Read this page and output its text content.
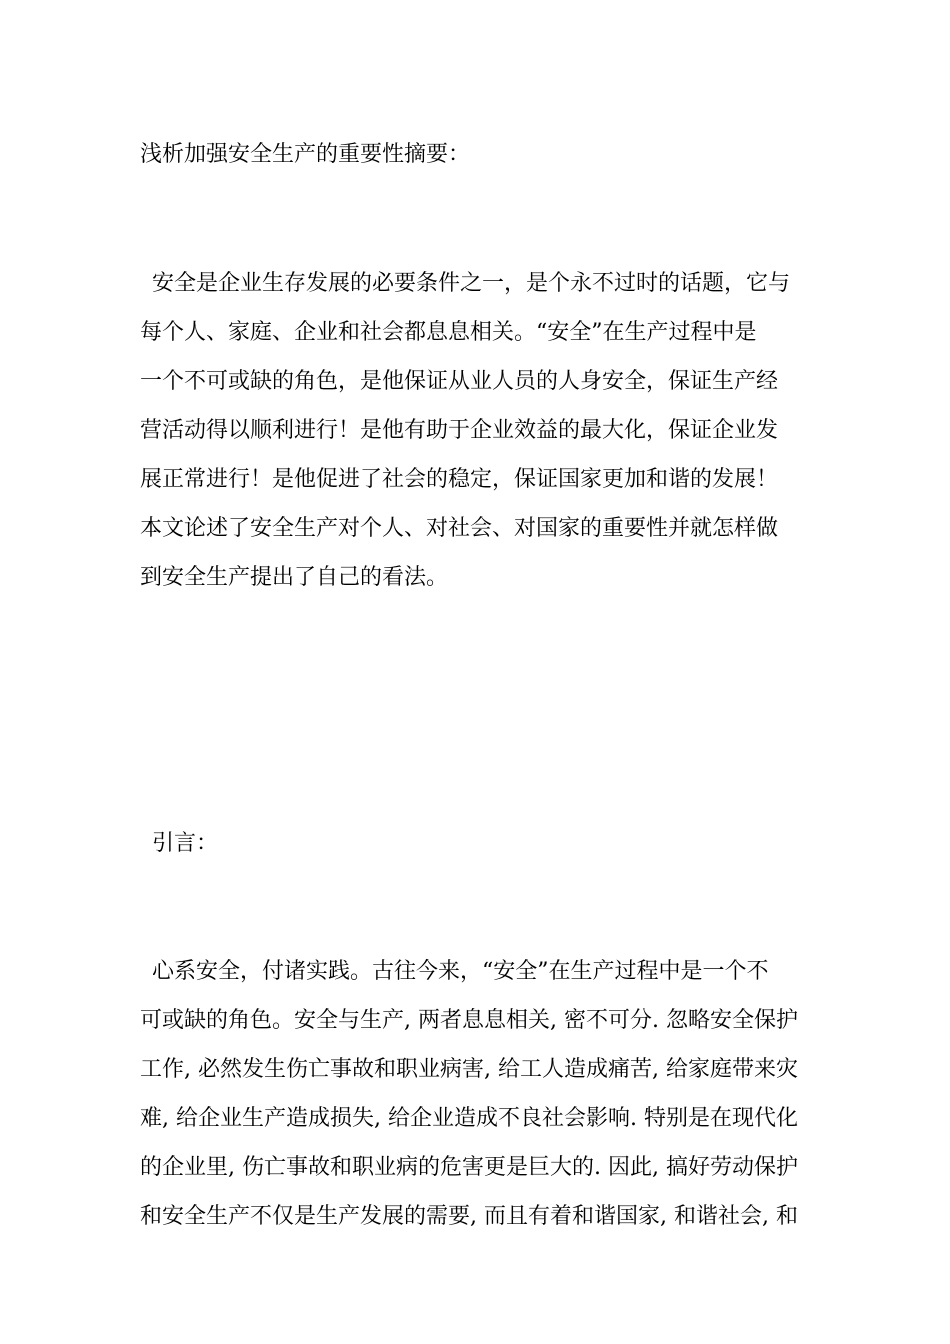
浅析加强安全生产的重要性摘要：
安全是企业生存发展的必要条件之一，是个永不过时的话题，它与
每个人、家庭、企业和社会都息息相关。“安全”在生产过程中是
一个不可或缺的角色，是他保证从业人员的人身安全，保证生产经
营活动得以顺利进行！是他有助于企业效益的最大化，保证企业发
展正常进行！是他促进了社会的稳定，保证国家更加和谐的发展！
本文论述了安全生产对个人、对社会、对国家的重要性并就怎样做
到安全生产提出了自己的看法。
引言：
心系安全，付诸实践。古往今来，“安全”在生产过程中是一个不
可或缺的角色。安全与生产, 两者息息相关, 密不可分. 忽略安全保护
工作, 必然发生伤亡事故和职业病害, 给工人造成痛苦, 给家庭带来灾
难, 给企业生产造成损失, 给企业造成不良社会影响. 特别是在现代化
的企业里, 伤亡事故和职业病的危害更是巨大的. 因此, 搞好劳动保护
和安全生产不仅是生产发展的需要, 而且有着和谐国家, 和谐社会, 和
